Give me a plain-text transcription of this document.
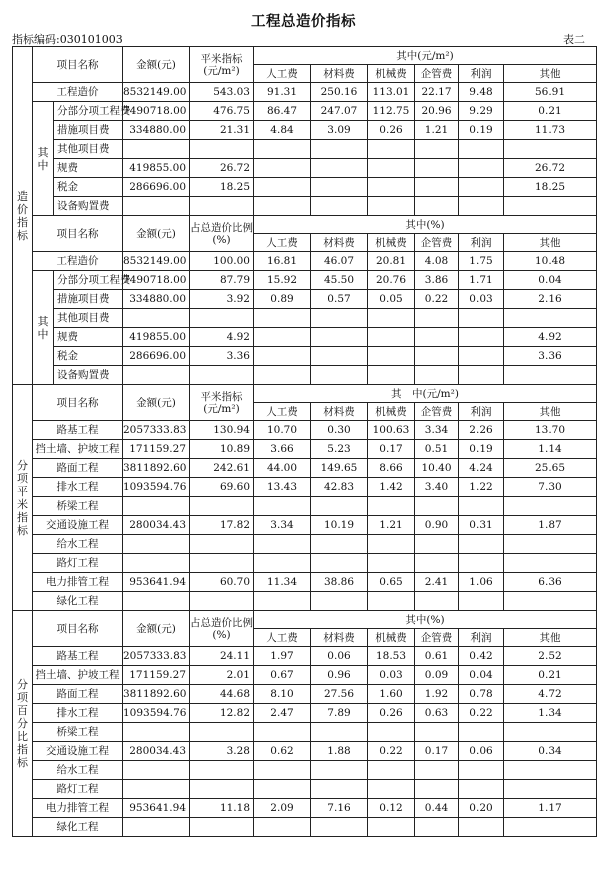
工程总造价指标
指标编码:030101003	表二
造价指标	项目名称		金额(元)	平米指标(元/m²)	其中(元/m²)					
					人工费	材料费	机械费	企管费	利润	其他
	工程造价		8532149.00	543.03	91.31	250.16	113.01	22.17	9.48	56.91
	其中	分部分项工程费	7490718.00	476.75	86.47	247.07	112.75	20.96	9.29	0.21
		措施项目费	334880.00	21.31	4.84	3.09	0.26	1.21	0.19	11.73
		其他项目费								
		规费	419855.00	26.72						26.72
		税金	286696.00	18.25						18.25
		设备购置费								
	项目名称		金额(元)	占总造价比例(%)	其中(%)					
					人工费	材料费	机械费	企管费	利润	其他
	工程造价		8532149.00	100.00	16.81	46.07	20.81	4.08	1.75	10.48
	其中	分部分项工程费	7490718.00	87.79	15.92	45.50	20.76	3.86	1.71	0.04
		措施项目费	334880.00	3.92	0.89	0.57	0.05	0.22	0.03	2.16
		其他项目费								
		规费	419855.00	4.92						4.92
		税金	286696.00	3.36						3.36
		设备购置费								
分项平米指标	项目名称		金额(元)	平米指标(元/m²)	其　中(元/m²)					
					人工费	材料费	机械费	企管费	利润	其他
	路基工程		2057333.83	130.94	10.70	0.30	100.63	3.34	2.26	13.70
	挡土墙、护坡工程		171159.27	10.89	3.66	5.23	0.17	0.51	0.19	1.14
	路面工程		3811892.60	242.61	44.00	149.65	8.66	10.40	4.24	25.65
	排水工程		1093594.76	69.60	13.43	42.83	1.42	3.40	1.22	7.30
	桥梁工程									
	交通设施工程		280034.43	17.82	3.34	10.19	1.21	0.90	0.31	1.87
	给水工程									
	路灯工程									
	电力排管工程		953641.94	60.70	11.34	38.86	0.65	2.41	1.06	6.36
	绿化工程									
分项百分比指标	项目名称		金额(元)	占总造价比例(%)	其中(%)					
					人工费	材料费	机械费	企管费	利润	其他
	路基工程		2057333.83	24.11	1.97	0.06	18.53	0.61	0.42	2.52
	挡土墙、护坡工程		171159.27	2.01	0.67	0.96	0.03	0.09	0.04	0.21
	路面工程		3811892.60	44.68	8.10	27.56	1.60	1.92	0.78	4.72
	排水工程		1093594.76	12.82	2.47	7.89	0.26	0.63	0.22	1.34
	桥梁工程									
	交通设施工程		280034.43	3.28	0.62	1.88	0.22	0.17	0.06	0.34
	给水工程									
	路灯工程									
	电力排管工程		953641.94	11.18	2.09	7.16	0.12	0.44	0.20	1.17
	绿化工程									
